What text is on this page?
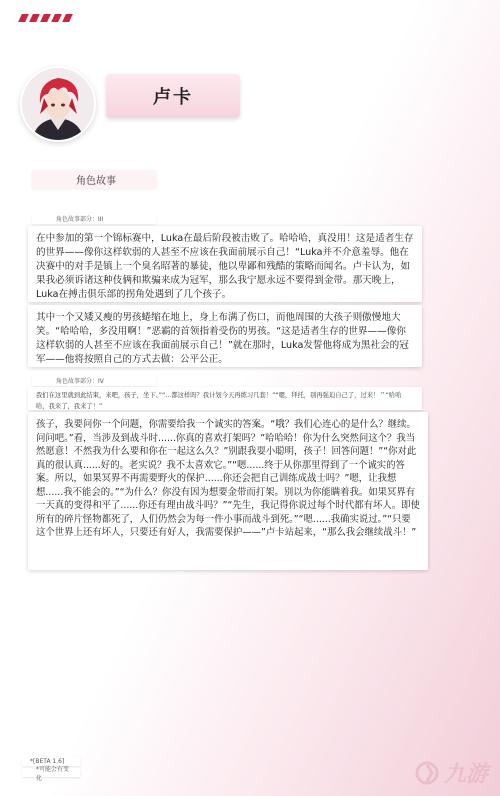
卢卡
角色故事
角色故事部分：III
在中参加的第一个锦标赛中，Luka在最后阶段被击败了。哈哈哈，真没用！这是适者生存的世界——像你这样软弱的人甚至不应该在我面前展示自己！“Luka并不介意羞辱。他在决赛中的对手是镇上一个臭名昭著的暴徒，他以卑鄙和残酷的策略而闻名。卢卡认为，如果我必须诉诸这种伎俩和欺骗来成为冠军，那么我宁愿永远不要得到金带。那天晚上，Luka在搏击俱乐部的拐角处遇到了几个孩子。
其中一个又矮又瘦的男孩蜷缩在地上，身上布满了伤口，而他周围的大孩子则傲慢地大笑。“哈哈哈，多没用啊！”恶霸的首领指着受伤的男孩。“这是适者生存的世界——像你这样软弱的人甚至不应该在我面前展示自己！”就在那时，Luka发誓他将成为黑社会的冠军——他将按照自己的方式去做：公平公正。
角色故事部分：IV
我们在这里就到此结束，来吧，孩子，坐下。”“...都这样吗？我计划今天再练习几套！”“嗯，拜托，别再强迫自己了，过来！＂“哈哈哈，我来了，我来了！”
孩子，我要问你一个问题，你需要给我一个诚实的答案。“哦？我们心连心的是什么？继续。问问吧。”看，当涉及到战斗时......你真的喜欢打架吗？”哈哈哈！你为什么突然问这个？我当然愿意！不然我为什么要和你在一起这么久？”别跟我耍小聪明，孩子！回答问题！”“你对此真的很认真......好的。老实说？我不太喜欢它。”“嗯......终于从你那里得到了一个诚实的答案。所以，如果冥界不再需要野火的保护......你还会把自己训练成战士吗？”嗯，让我想想......我不能会的。”“为什么？你没有因为想要金带而打架。别以为你能瞒着我。如果冥界有一天真的变得和平了......你还有理由战斗吗？”“先生，我记得你说过每个时代都有坏人。即使所有的碎片怪物都死了，人们仍然会为每一件小事而战斗到死。”“嗯......我确实说过。”“只要这个世界上还有坏人，只要还有好人，我需要保护——”卢卡站起来，“那么我会继续战斗！”
*[BETA 1.6]
*可能会有变化	九游
